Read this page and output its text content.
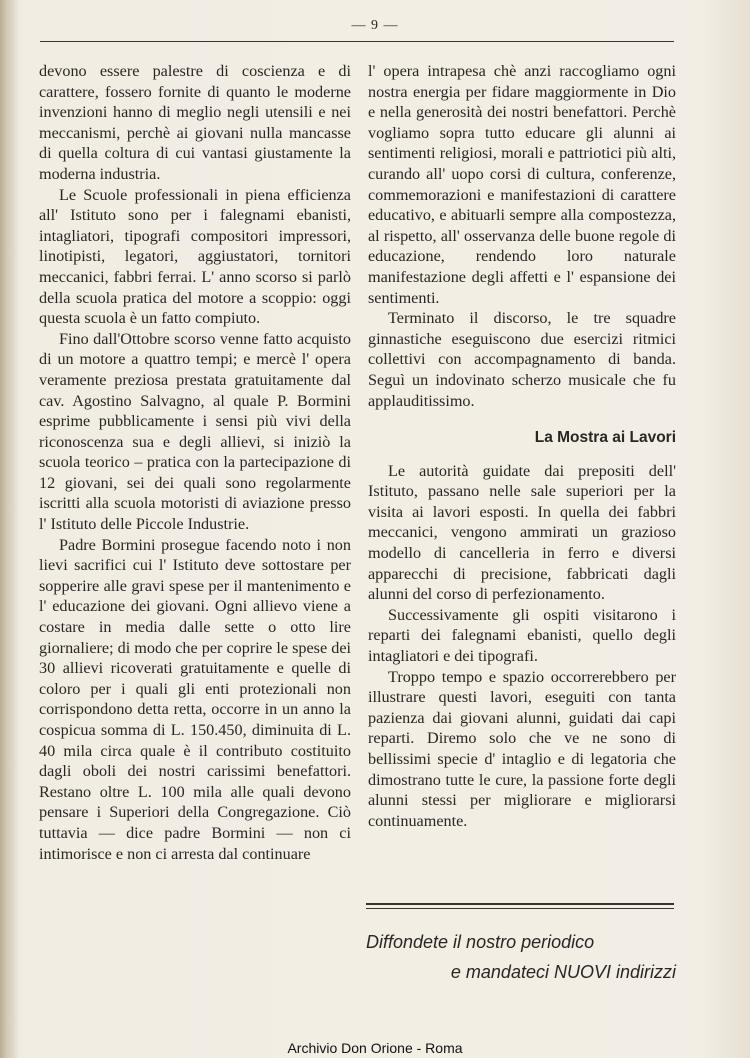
— 9 —

devono essere palestre di coscienza e di carattere, fossero fornite di quanto le moderne invenzioni hanno di meglio negli utensili e nei meccanismi, perchè ai giovani nulla mancasse di quella coltura di cui vantasi giustamente la moderna industria.

Le Scuole professionali in piena efficienza all' Istituto sono per i falegnami ebanisti, intagliatori, tipografi compositori impressori, linotipisti, legatori, aggiustatori, tornitori meccanici, fabbri ferrai. L' anno scorso si parlò della scuola pratica del motore a scoppio: oggi questa scuola è un fatto compiuto.

Fino dall'Ottobre scorso venne fatto acquisto di un motore a quattro tempi; e mercè l' opera veramente preziosa prestata gratuitamente dal cav. Agostino Salvagno, al quale P. Bormini esprime pubblicamente i sensi più vivi della riconoscenza sua e degli allievi, si iniziò la scuola teorico – pratica con la partecipazione di 12 giovani, sei dei quali sono regolarmente iscritti alla scuola motoristi di aviazione presso l' Istituto delle Piccole Industrie.

Padre Bormini prosegue facendo noto i non lievi sacrifici cui l' Istituto deve sottostare per sopperire alle gravi spese per il mantenimento e l' educazione dei giovani. Ogni allievo viene a costare in media dalle sette o otto lire giornaliere; di modo che per coprire le spese dei 30 allievi ricoverati gratuitamente e quelle di coloro per i quali gli enti protezionali non corrispondono detta retta, occorre in un anno la cospicua somma di L. 150.450, diminuita di L. 40 mila circa quale è il contributo costituito dagli oboli dei nostri carissimi benefattori. Restano oltre L. 100 mila alle quali devono pensare i Superiori della Congregazione. Ciò tuttavia — dice padre Bormini — non ci intimorisce e non ci arresta dal continuare

l' opera intrapesa chè anzi raccogliamo ogni nostra energia per fidare maggiormente in Dio e nella generosità dei nostri benefattori. Perchè vogliamo sopra tutto educare gli alunni ai sentimenti religiosi, morali e pattriotici più alti, curando all' uopo corsi di cultura, conferenze, commemorazioni e manifestazioni di carattere educativo, e abituarli sempre alla compostezza, al rispetto, all' osservanza delle buone regole di educazione, rendendo loro naturale manifestazione degli affetti e l' espansione dei sentimenti.

Terminato il discorso, le tre squadre ginnastiche eseguiscono due esercizi ritmici collettivi con accompagnamento di banda. Seguì un indovinato scherzo musicale che fu applauditissimo.

La Mostra ai Lavori

Le autorità guidate dai prepositi dell' Istituto, passano nelle sale superiori per la visita ai lavori esposti. In quella dei fabbri meccanici, vengono ammirati un grazioso modello di cancelleria in ferro e diversi apparecchi di precisione, fabbricati dagli alunni del corso di perfezionamento.

Successivamente gli ospiti visitarono i reparti dei falegnami ebanisti, quello degli intagliatori e dei tipografi.

Troppo tempo e spazio occorrerebbero per illustrare questi lavori, eseguiti con tanta pazienza dai giovani alunni, guidati dai capi reparti. Diremo solo che ve ne sono di bellissimi specie d' intaglio e di legatoria che dimostrano tutte le cure, la passione forte degli alunni stessi per migliorare e migliorarsi continuamente.

Diffondete il nostro periodico
e mandateci NUOVI indirizzi
Archivio Don Orione - Roma
